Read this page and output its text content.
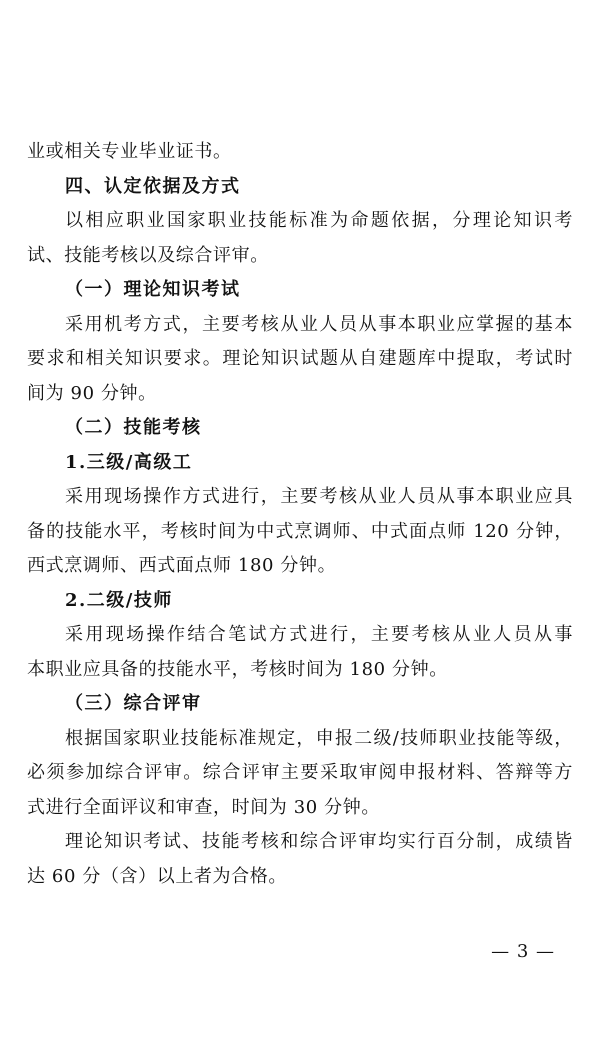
业或相关专业毕业证书。
四、认定依据及方式
以相应职业国家职业技能标准为命题依据，分理论知识考
试、技能考核以及综合评审。
（一）理论知识考试
采用机考方式，主要考核从业人员从事本职业应掌握的基本
要求和相关知识要求。理论知识试题从自建题库中提取，考试时
间为 90 分钟。
（二）技能考核
1.三级/高级工
采用现场操作方式进行，主要考核从业人员从事本职业应具
备的技能水平，考核时间为中式烹调师、中式面点师 120 分钟，
西式烹调师、西式面点师 180 分钟。
2.二级/技师
采用现场操作结合笔试方式进行，主要考核从业人员从事
本职业应具备的技能水平，考核时间为 180 分钟。
（三）综合评审
根据国家职业技能标准规定，申报二级/技师职业技能等级，
必须参加综合评审。综合评审主要采取审阅申报材料、答辩等方
式进行全面评议和审查，时间为 30 分钟。
理论知识考试、技能考核和综合评审均实行百分制，成绩皆
达 60 分（含）以上者为合格。
— 3 —
